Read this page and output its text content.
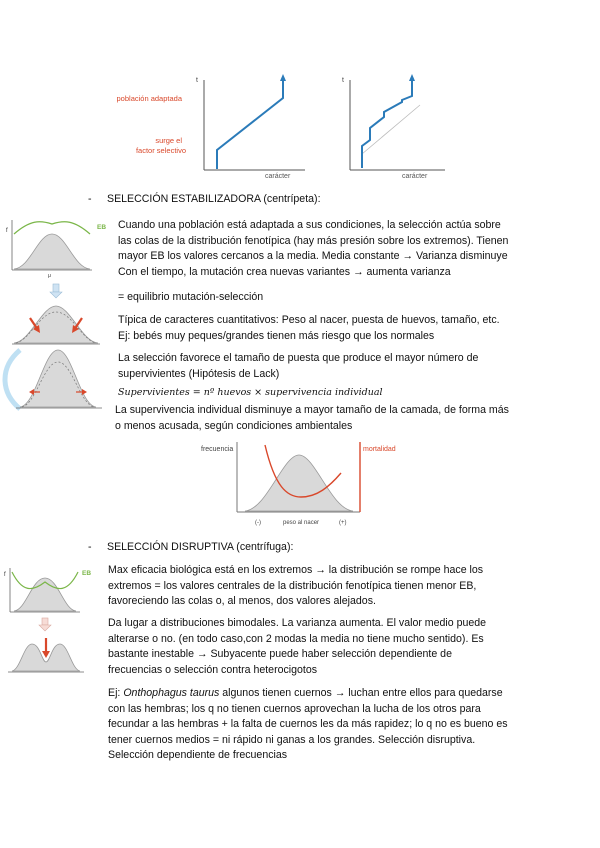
t
población adaptada
surge el
factor selectivo
carácter
t
carácter
- SELECCIÓN ESTABILIZADORA (centrípeta):
f	EB
μ

Cuando una población está adaptada a sus condiciones, la selección actúa sobre

las colas de la distribución fenotípica (hay más presión sobre los extremos). Tienen

mayor EB los valores cercanos a la media. Media constante → Varianza disminuye

Con el tiempo, la mutación crea nuevas variantes → aumenta varianza

= equilibrio mutación-selección

Típica de caracteres cuantitativos: Peso al nacer, puesta de huevos, tamaño, etc.

Ej: bebés muy peques/grandes tienen más riesgo que los normales

La selección favorece el tamaño de puesta que produce el mayor número de

supervivientes (Hipótesis de Lack)

Supervivientes = nº huevos × supervivencia individual

La supervivencia individual disminuye a mayor tamaño de la camada, de forma más

o menos acusada, según condiciones ambientales

frecuencia	mortalidad
(-)	peso al nacer	(+)
- SELECCIÓN DISRUPTIVA (centrífuga):
f	EB Max eficacia biológica está en los extremos → la distribución se rompe hace los

extremos = los valores centrales de la distribución fenotípica tienen menor EB,

favoreciendo las colas o, al menos, dos valores alejados.

Da lugar a distribuciones bimodales. La varianza aumenta. El valor medio puede

alterarse o no. (en todo caso,con 2 modas la media no tiene mucho sentido). Es

bastante inestable → Subyacente puede haber selección dependiente de

frecuencias o selección contra heterocigotos

Ej: Onthophagus taurus algunos tienen cuernos → luchan entre ellos para quedarse

con las hembras; los q no tienen cuernos aprovechan la lucha de los otros para

fecundar a las hembras + la falta de cuernos les da más rapidez; lo q no es bueno es

tener cuernos medios = ni rápido ni ganas a los grandes. Selección disruptiva.

Selección dependiente de frecuencias
